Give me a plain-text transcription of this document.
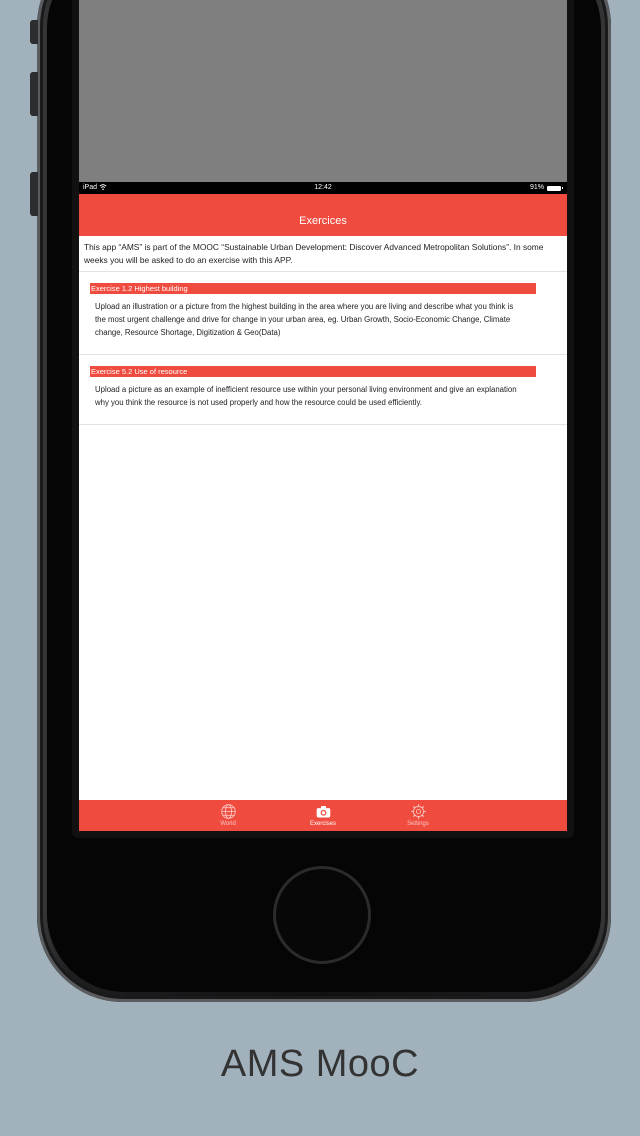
iPad	12:42	91%
Exercices
This app “AMS” is part of the MOOC “Sustainable Urban Development: Discover Advanced Metropolitan Solutions”. In some weeks you will be asked to do an exercise with this APP.
Exercise 1.2 Highest building
Upload an illustration or a picture from the highest building in the area where you are living and describe what you think is the most urgent challenge and drive for change in your urban area, eg. Urban Growth, Socio-Economic Change, Climate change, Resource Shortage, Digitization & Geo(Data)
Exercise 5.2 Use of resource
Upload a picture as an example of inefficient resource use within your personal living environment and give an explanation why you think the resource is not used properly and how the resource could be used efficiently.
World	Exercises	Settings
AMS MooC
